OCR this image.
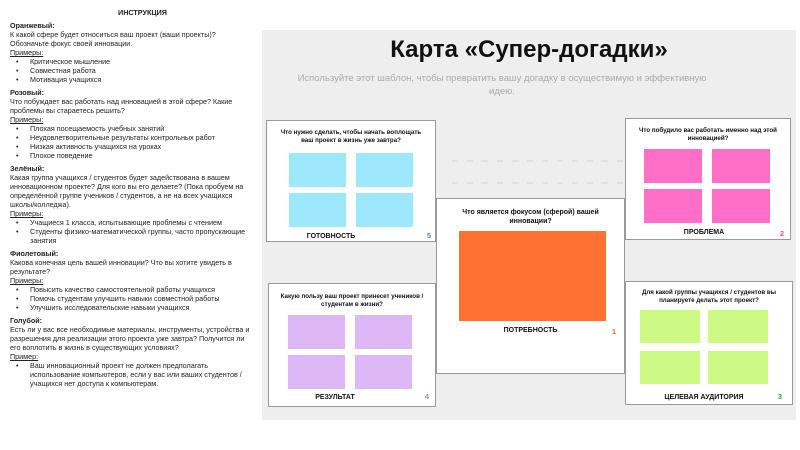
ИНСТРУКЦИЯ
Оранжевый:
К какой сфере будет относиться ваш проект (ваши проекты)? Обозначьте фокус своей инновации.
Примеры:
• Критическое мышление
• Совместная работа
• Мотивация учащихся
Розовый:
Что побуждает вас работать над инновацией в этой сфере? Какие проблемы вы стараетесь решить?
Примеры:
• Плохая посещаемость учебных занятий
• Неудовлетворительные результаты контрольных работ
• Низкая активность учащихся на уроках
• Плохое поведение
Зелёный:
Какая группа учащихся / студентов будет задействована в вашем инновационном проекте? Для кого вы его делаете? (Пока пробуем на определённой группе учеников / студентов, а не на всех учащихся школы/колледжа).
Примеры:
• Учащиеся 1 класса, испытывающие проблемы с чтением
• Студенты физико-математической группы, часто пропускающие занятия
Фиолетовый:
Какова конечная цель вашей инновации? Что вы хотите увидеть в результате?
Примеры:
• Повысить качество самостоятельной работы учащихся
• Помочь студентам улучшить навыки совместной работы
• Улучшить исследовательские навыки учащихся
Голубой:
Есть ли у вас все необходимые материалы, инструменты, устройства и разрешения для реализации этого проекта уже завтра? Получится ли его воплотить в жизнь в существующих условиях?
Пример:
• Ваш инновационный проект не должен предполагать использование компьютеров, если у вас или ваших студентов / учащихся нет доступа к компьютерам.
Карта «Супер-догадки»
Используйте этот шаблон, чтобы превратить вашу догадку в осуществимую и эффективную идею.
Что нужно сделать, чтобы начать воплощать ваш проект в жизнь уже завтра?
ГОТОВНОСТЬ	5
Что побудило вас работать именно над этой инновацией?
ПРОБЛЕМА	2
Что является фокусом (сферой) вашей инновации?
ПОТРЕБНОСТЬ	1
Какую пользу ваш проект принесет учеников / студентам в жизни?
РЕЗУЛЬТАТ	4
Для какой группы учащихся / студентов вы планируете делать этот проект?
ЦЕЛЕВАЯ АУДИТОРИЯ	3
